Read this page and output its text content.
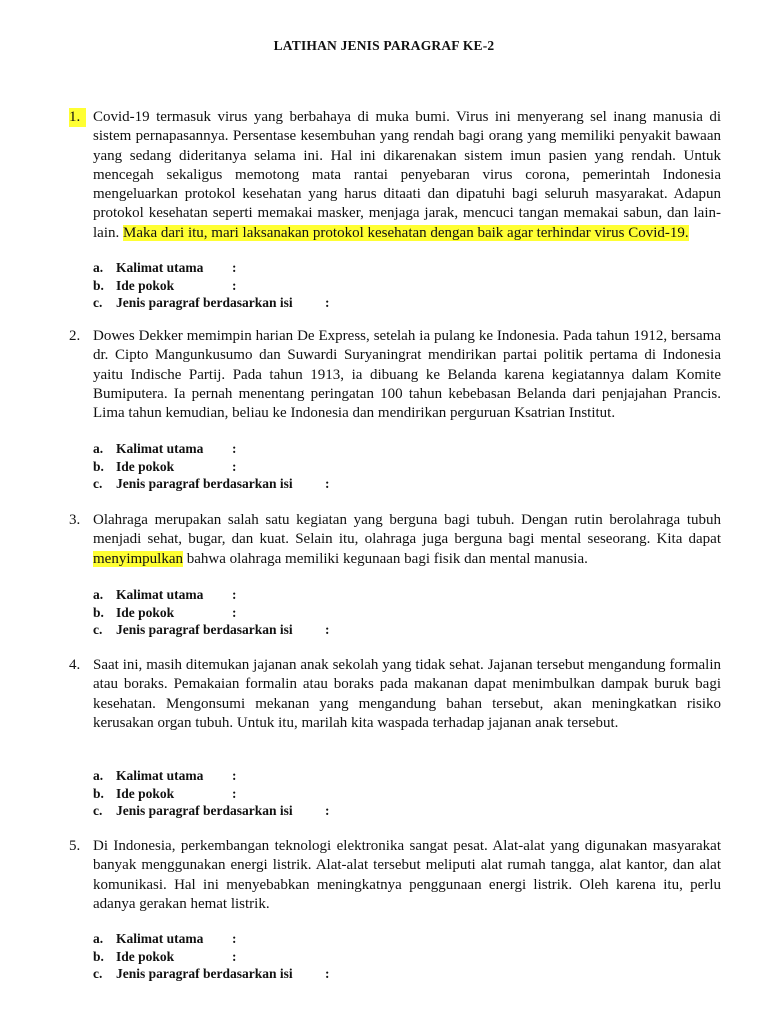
LATIHAN JENIS PARAGRAF KE-2
1. Covid-19 termasuk virus yang berbahaya di muka bumi. Virus ini menyerang sel inang manusia di sistem pernapasannya. Persentase kesembuhan yang rendah bagi orang yang memiliki penyakit bawaan yang sedang dideritanya selama ini. Hal ini dikarenakan sistem imun pasien yang rendah. Untuk mencegah sekaligus memotong mata rantai penyebaran virus corona, pemerintah Indonesia mengeluarkan protokol kesehatan yang harus ditaati dan dipatuhi bagi seluruh masyarakat. Adapun protokol kesehatan seperti memakai masker, menjaga jarak, mencuci tangan memakai sabun, dan lain-lain. Maka dari itu, mari laksanakan protokol kesehatan dengan baik agar terhindar virus Covid-19.

a. Kalimat utama :
b. Ide pokok	:
c. Jenis paragraf berdasarkan isi :
2. Dowes Dekker memimpin harian De Express, setelah ia pulang ke Indonesia. Pada tahun 1912, bersama dr. Cipto Mangunkusumo dan Suwardi Suryaningrat mendirikan partai politik pertama di Indonesia yaitu Indische Partij. Pada tahun 1913, ia dibuang ke Belanda karena kegiatannya dalam Komite Bumiputera. Ia pernah menentang peringatan 100 tahun kebebasan Belanda dari penjajahan Prancis. Lima tahun kemudian, beliau ke Indonesia dan mendirikan perguruan Ksatrian Institut.

a. Kalimat utama :
b. Ide pokok	:
c. Jenis paragraf berdasarkan isi :
3. Olahraga merupakan salah satu kegiatan yang berguna bagi tubuh. Dengan rutin berolahraga tubuh menjadi sehat, bugar, dan kuat. Selain itu, olahraga juga berguna bagi mental seseorang. Kita dapat menyimpulkan bahwa olahraga memiliki kegunaan bagi fisik dan mental manusia.

a. Kalimat utama :
b. Ide pokok	:
c. Jenis paragraf berdasarkan isi :
4. Saat ini, masih ditemukan jajanan anak sekolah yang tidak sehat. Jajanan tersebut mengandung formalin atau boraks. Pemakaian formalin atau boraks pada makanan dapat menimbulkan dampak buruk bagi kesehatan. Mengonsumi mekanan yang mengandung bahan tersebut, akan meningkatkan risiko kerusakan organ tubuh. Untuk itu, marilah kita waspada terhadap jajanan anak tersebut.

a. Kalimat utama :
b. Ide pokok	:
c. Jenis paragraf berdasarkan isi :
5. Di Indonesia, perkembangan teknologi elektronika sangat pesat. Alat-alat yang digunakan masyarakat banyak menggunakan energi listrik. Alat-alat tersebut meliputi alat rumah tangga, alat kantor, dan alat komunikasi. Hal ini menyebabkan meningkatnya penggunaan energi listrik. Oleh karena itu, perlu adanya gerakan hemat listrik.

a. Kalimat utama :
b. Ide pokok	:
c. Jenis paragraf berdasarkan isi :
